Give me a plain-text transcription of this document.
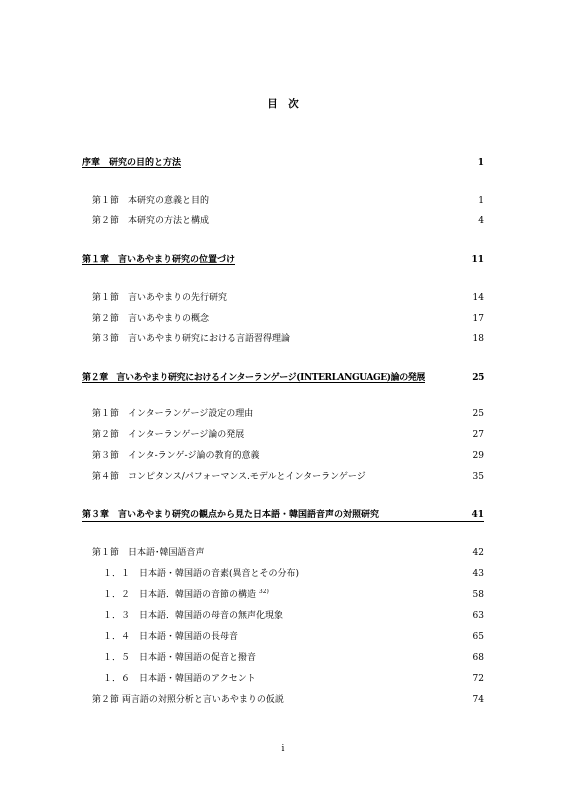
目　次
序章　研究の目的と方法	1
第１節　本研究の意義と目的	1
第２節　本研究の方法と構成	4
第１章　言いあやまり研究の位置づけ	11
第１節　言いあやまりの先行研究	14
第２節　言いあやまりの概念	17
第３節　言いあやまり研究における言語習得理論	18
第２章　言いあやまり研究におけるインターランゲージ(INTERLANGUAGE)論の発展	25
第１節　インターランゲージ設定の理由	25
第２節　インターランゲージ論の発展	27
第３節　インタ-ランゲ-ジ論の教育的意義	29
第４節　コンピタンス/パフォーマンス.モデルとインターランゲージ	35
第３章　言いあやまり研究の観点から見た日本語・韓国語音声の対照研究	41
第１節　日本語･韓国語音声	42
１．１　日本語・韓国語の音素(異音とその分布)	43
１．２　日本語．韓国語の音節の構造 $^{32)}$	58
１．３　日本語．韓国語の母音の無声化現象	63
１．４　日本語・韓国語の長母音	65
１．５　日本語・韓国語の促音と撥音	68
１．６　日本語・韓国語のアクセント	72
第２節 両言語の対照分析と言いあやまりの仮説	74
i
